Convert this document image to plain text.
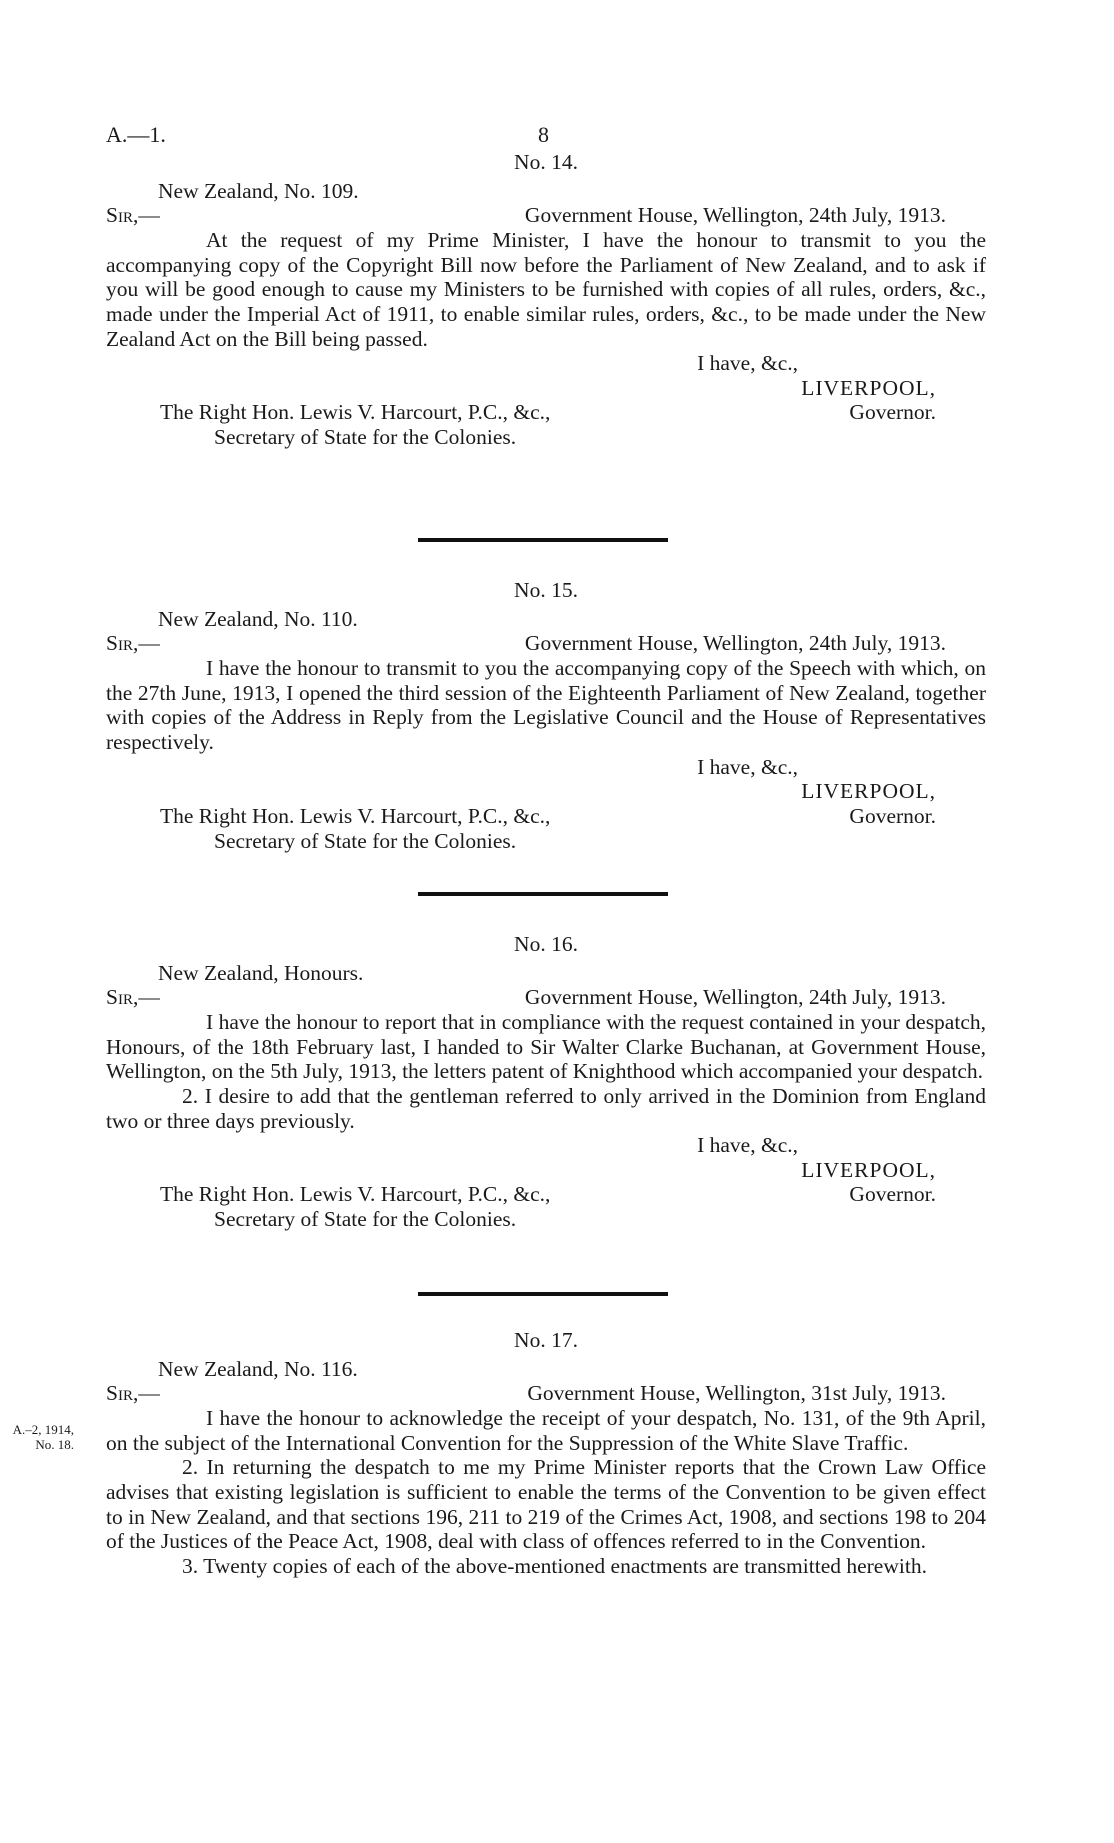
A.—1.	8
No. 14.
New Zealand, No. 109.
Sir,—	Government House, Wellington, 24th July, 1913.

At the request of my Prime Minister, I have the honour to transmit to you the accompanying copy of the Copyright Bill now before the Parliament of New Zealand, and to ask if you will be good enough to cause my Ministers to be furnished with copies of all rules, orders, &c., made under the Imperial Act of 1911, to enable similar rules, orders, &c., to be made under the New Zealand Act on the Bill being passed.

I have, &c.,
LIVERPOOL,
The Right Hon. Lewis V. Harcourt, P.C., &c.,	Governor.
Secretary of State for the Colonies.
No. 15.
New Zealand, No. 110.
Sir,—	Government House, Wellington, 24th July, 1913.

I have the honour to transmit to you the accompanying copy of the Speech with which, on the 27th June, 1913, I opened the third session of the Eighteenth Parliament of New Zealand, together with copies of the Address in Reply from the Legislative Council and the House of Representatives respectively.

I have, &c.,
LIVERPOOL,
The Right Hon. Lewis V. Harcourt, P.C., &c.,	Governor.
Secretary of State for the Colonies.
No. 16.
New Zealand, Honours.
Sir,—	Government House, Wellington, 24th July, 1913.

I have the honour to report that in compliance with the request contained in your despatch, Honours, of the 18th February last, I handed to Sir Walter Clarke Buchanan, at Government House, Wellington, on the 5th July, 1913, the letters patent of Knighthood which accompanied your despatch.

2. I desire to add that the gentleman referred to only arrived in the Dominion from England two or three days previously.

I have, &c.,
LIVERPOOL,
The Right Hon. Lewis V. Harcourt, P.C., &c.,	Governor.
Secretary of State for the Colonies.
No. 17.
New Zealand, No. 116.
Sir,—	Government House, Wellington, 31st July, 1913.

I have the honour to acknowledge the receipt of your despatch, No. 131, of the 9th April, on the subject of the International Convention for the Suppression of the White Slave Traffic.

2. In returning the despatch to me my Prime Minister reports that the Crown Law Office advises that existing legislation is sufficient to enable the terms of the Convention to be given effect to in New Zealand, and that sections 196, 211 to 219 of the Crimes Act, 1908, and sections 198 to 204 of the Justices of the Peace Act, 1908, deal with class of offences referred to in the Convention.

3. Twenty copies of each of the above-mentioned enactments are transmitted herewith.

A.–2, 1914,
No. 18.
